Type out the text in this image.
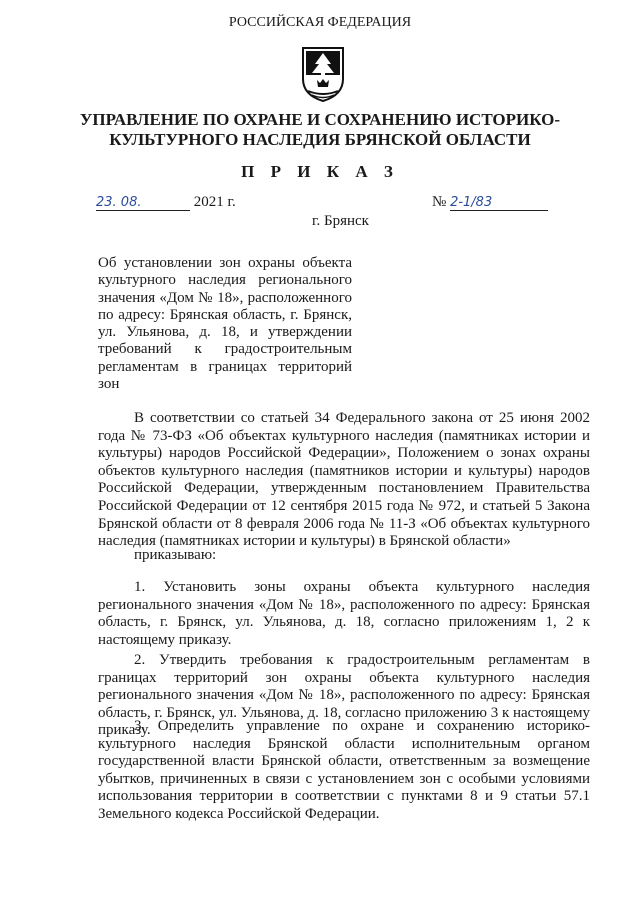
РОССИЙСКАЯ ФЕДЕРАЦИЯ

УПРАВЛЕНИЕ ПО ОХРАНЕ И СОХРАНЕНИЮ ИСТОРИКО-
КУЛЬТУРНОГО НАСЛЕДИЯ БРЯНСКОЙ ОБЛАСТИ

П Р И К А З

23. 08.	2021 г.	№ 2-1/83

г. Брянск

Об установлении зон охраны объекта культурного наследия регионального значения «Дом № 18», расположенного по адресу: Брянская область, г. Брянск, ул. Ульянова, д. 18, и утверждении требований к градостроительным регламентам в границах территорий зон

В соответствии со статьей 34 Федерального закона от 25 июня 2002 года № 73-ФЗ «Об объектах культурного наследия (памятниках истории и культуры) народов Российской Федерации», Положением о зонах охраны объектов культурного наследия (памятников истории и культуры) народов Российской Федерации, утвержденным постановлением Правительства Российской Федерации от 12 сентября 2015 года № 972, и статьей 5 Закона Брянской области от 8 февраля 2006 года № 11-З «Об объектах культурного наследия (памятниках истории и культуры) в Брянской области»

приказываю:

1. Установить зоны охраны объекта культурного наследия регионального значения «Дом № 18», расположенного по адресу: Брянская область, г. Брянск, ул. Ульянова, д. 18, согласно приложениям 1, 2 к настоящему приказу.

2. Утвердить требования к градостроительным регламентам в границах территорий зон охраны объекта культурного наследия регионального значения «Дом № 18», расположенного по адресу: Брянская область, г. Брянск, ул. Ульянова, д. 18, согласно приложению 3 к настоящему приказу.

3. Определить управление по охране и сохранению историко-культурного наследия Брянской области исполнительным органом государственной власти Брянской области, ответственным за возмещение убытков, причиненных в связи с установлением зон с особыми условиями использования территории в соответствии с пунктами 8 и 9 статьи 57.1 Земельного кодекса Российской Федерации.
